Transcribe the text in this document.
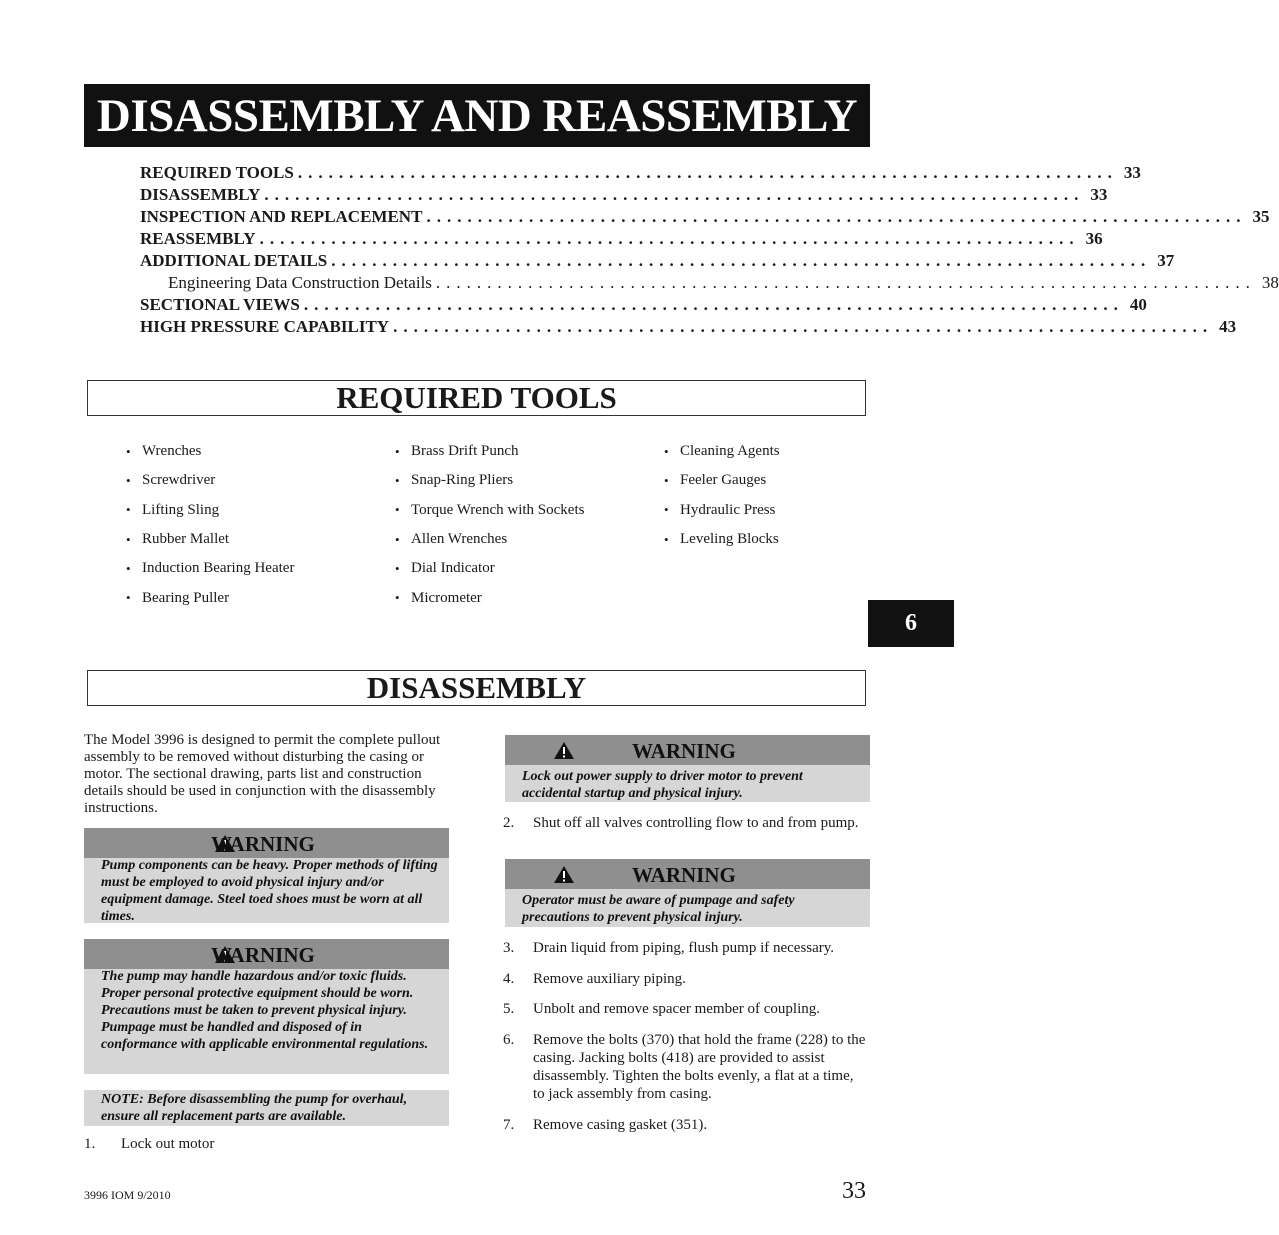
DISASSEMBLY AND REASSEMBLY
REQUIRED TOOLS ................................................................................ 33
DISASSEMBLY ................................................................................ 33
INSPECTION AND REPLACEMENT ................................................................................ 35
REASSEMBLY ................................................................................ 36
ADDITIONAL DETAILS ................................................................................ 37
Engineering Data Construction Details ................................................................................ 38
SECTIONAL VIEWS ................................................................................ 40
HIGH PRESSURE CAPABILITY ................................................................................ 43
REQUIRED TOOLS
• Wrenches
• Screwdriver
• Lifting Sling
• Rubber Mallet
• Induction Bearing Heater
• Bearing Puller
• Brass Drift Punch
• Snap-Ring Pliers
• Torque Wrench with Sockets
• Allen Wrenches
• Dial Indicator
• Micrometer
• Cleaning Agents
• Feeler Gauges
• Hydraulic Press
• Leveling Blocks
6
DISASSEMBLY
The Model 3996 is designed to permit the complete pullout assembly to be removed without disturbing the casing or motor. The sectional drawing, parts list and construction details should be used in conjunction with the disassembly instructions.
WARNING
Pump components can be heavy. Proper methods of lifting must be employed to avoid physical injury and/or equipment damage. Steel toed shoes must be worn at all times.
WARNING
The pump may handle hazardous and/or toxic fluids. Proper personal protective equipment should be worn. Precautions must be taken to prevent physical injury. Pumpage must be handled and disposed of in conformance with applicable environmental regulations.
NOTE: Before disassembling the pump for overhaul, ensure all replacement parts are available.
1.	Lock out motor
WARNING
Lock out power supply to driver motor to prevent accidental startup and physical injury.
2.	Shut off all valves controlling flow to and from pump.
WARNING
Operator must be aware of pumpage and safety precautions to prevent physical injury.
3.	Drain liquid from piping, flush pump if necessary.
4.	Remove auxiliary piping.
5.	Unbolt and remove spacer member of coupling.
6.	Remove the bolts (370) that hold the frame (228) to the casing. Jacking bolts (418) are provided to assist disassembly. Tighten the bolts evenly, a flat at a time, to jack assembly from casing.
7.	Remove casing gasket (351).
3996 IOM 9/2010	33
